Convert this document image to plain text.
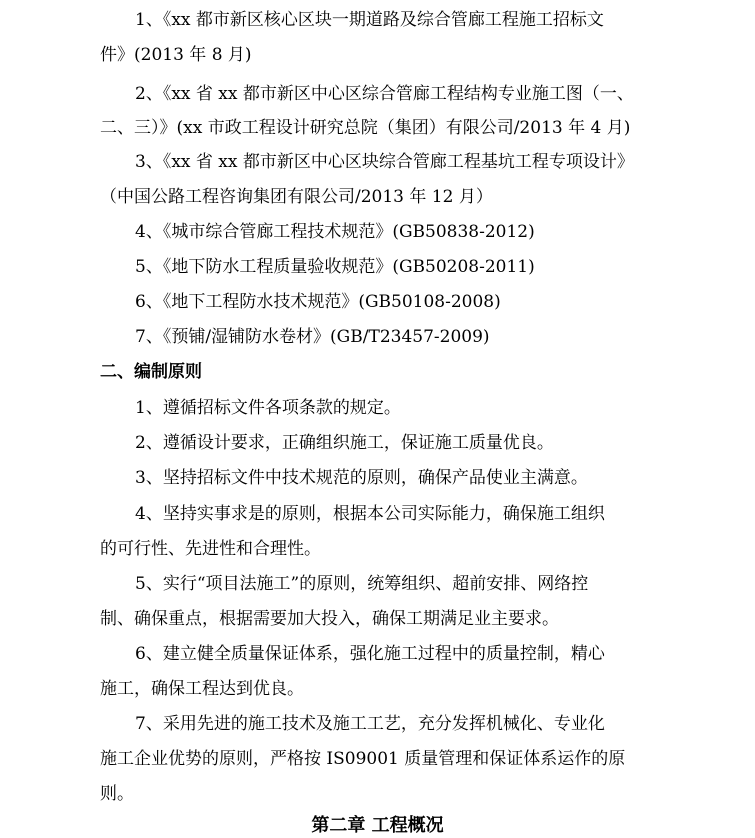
1、《xx 都市新区核心区块一期道路及综合管廊工程施工招标文
件》(2013 年 8 月)
2、《xx 省 xx 都市新区中心区综合管廊工程结构专业施工图（一、
二、三）》(xx 市政工程设计研究总院（集团）有限公司/2013 年 4 月)
3、《xx 省 xx 都市新区中心区块综合管廊工程基坑工程专项设计》
（中国公路工程咨询集团有限公司/2013 年 12 月）
4、《城市综合管廊工程技术规范》(GB50838-2012)
5、《地下防水工程质量验收规范》(GB50208-2011)
6、《地下工程防水技术规范》(GB50108-2008)
7、《预铺/湿铺防水卷材》(GB/T23457-2009)
二、编制原则
1、遵循招标文件各项条款的规定。
2、遵循设计要求，正确组织施工，保证施工质量优良。
3、坚持招标文件中技术规范的原则，确保产品使业主满意。
4、坚持实事求是的原则，根据本公司实际能力，确保施工组织
的可行性、先进性和合理性。
5、实行“项目法施工”的原则，统筹组织、超前安排、网络控
制、确保重点，根据需要加大投入，确保工期满足业主要求。
6、建立健全质量保证体系，强化施工过程中的质量控制，精心
施工，确保工程达到优良。
7、采用先进的施工技术及施工工艺，充分发挥机械化、专业化
施工企业优势的原则，严格按 IS09001 质量管理和保证体系运作的原
则。
第二章 工程概况
